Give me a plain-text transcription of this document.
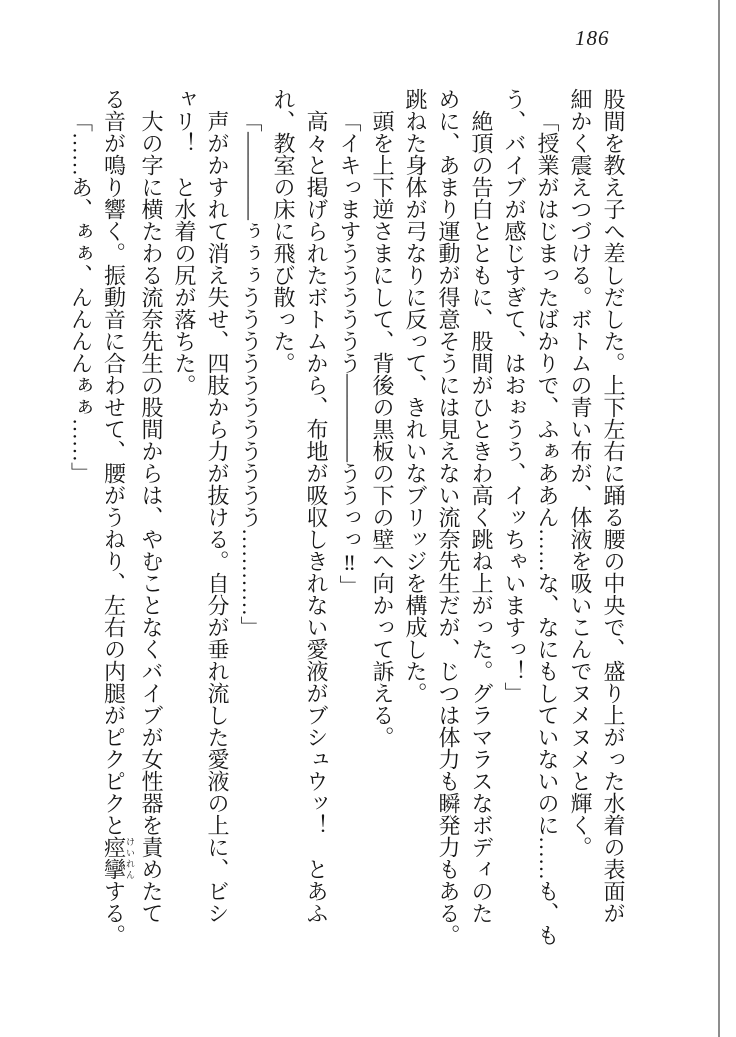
186
股間を教え子へ差しだした。上下左右に踊る腰の中央で、盛り上がった水着の表面が
細かく震えつづける。ボトムの青い布が、体液を吸いこんでヌメヌメと輝く。
「授業がはじまったばかりで、ふぁああん……な、なにもしていないのに……も、も
う、バイブが感じすぎて、はおぉうう、イッちゃいますっ！」
絶頂の告白とともに、股間がひときわ高く跳ね上がった。グラマラスなボディのた
めに、あまり運動が得意そうには見えない流奈先生だが、じつは体力も瞬発力もある。
跳ねた身体が弓なりに反って、きれいなブリッジを構成した。
頭を上下逆さまにして、背後の黒板の下の壁へ向かって訴える。
「イキっますうううううう――――ううっっ‼」
高々と掲げられたボトムから、布地が吸収しきれない愛液がブシュウッ！　とあふ
れ、教室の床に飛び散った。
「――――ぅぅぅううううううううううう…………」
声がかすれて消え失せ、四肢から力が抜ける。自分が垂れ流した愛液の上に、ビシ
ャリ！　と水着の尻が落ちた。
大の字に横たわる流奈先生の股間からは、やむことなくバイブが女性器を責めたて
る音が鳴り響く。振動音に合わせて、腰がうねり、左右の内腿がピクピクと痙攣けいれんする。
「……あ、ぁぁ、んんんんぁぁ……」
